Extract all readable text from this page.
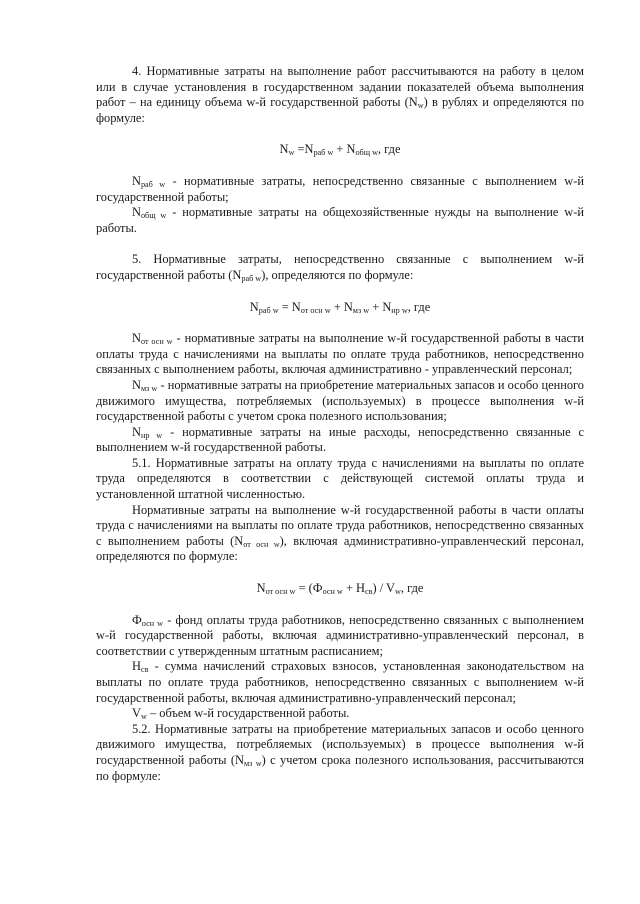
4. Нормативные затраты на выполнение работ рассчитываются на работу в целом или в случае установления в государственном задании показателей объема выполнения работ – на единицу объема w-й государственной работы $(N_w)$ в рублях и определяются по формуле:

$N_w =N_{раб w} + N_{общ w}$, где

$N_{раб w}$ - нормативные затраты, непосредственно связанные с выполнением w-й государственной работы;

$N_{общ w}$ - нормативные затраты на общехозяйственные нужды на выполнение w-й работы.

5. Нормативные затраты, непосредственно связанные с выполнением w-й государственной работы $(N_{раб w})$, определяются по формуле:

$N_{раб w} = N_{от осн w} + N_{мз w} + N_{нр w}$, где

$N_{от осн w}$ - нормативные затраты на выполнение w-й государственной работы в части оплаты труда с начислениями на выплаты по оплате труда работников, непосредственно связанных с выполнением работы, включая административно - управленческий персонал;

$N_{мз w}$ - нормативные затраты на приобретение материальных запасов и особо ценного движимого имущества, потребляемых (используемых) в процессе выполнения w-й государственной работы с учетом срока полезного использования;

$N_{нр w}$ - нормативные затраты на иные расходы, непосредственно связанные с выполнением w-й государственной работы.

5.1. Нормативные затраты на оплату труда с начислениями на выплаты по оплате труда определяются в соответствии с действующей системой оплаты труда и установленной штатной численностью.

Нормативные затраты на выполнение w-й государственной работы в части оплаты труда с начислениями на выплаты по оплате труда работников, непосредственно связанных с выполнением работы $(N_{от осн w})$, включая административно-управленческий персонал, определяются по формуле:

$N_{от осн w} = (Ф_{осн w} + Н_{св}) / V_w$, где

$Ф_{осн w}$ - фонд оплаты труда работников, непосредственно связанных с выполнением w-й государственной работы, включая административно-управленческий персонал, в соответствии с утвержденным штатным расписанием;

$Н_{св}$ - сумма начислений страховых взносов, установленная законодательством на выплаты по оплате труда работников, непосредственно связанных с выполнением w-й государственной работы, включая административно-управленческий персонал;

$V_w$ – объем w-й государственной работы.

5.2. Нормативные затраты на приобретение материальных запасов и особо ценного движимого имущества, потребляемых (используемых) в процессе выполнения w-й государственной работы $(N_{мз w})$ с учетом срока полезного использования, рассчитываются по формуле:
